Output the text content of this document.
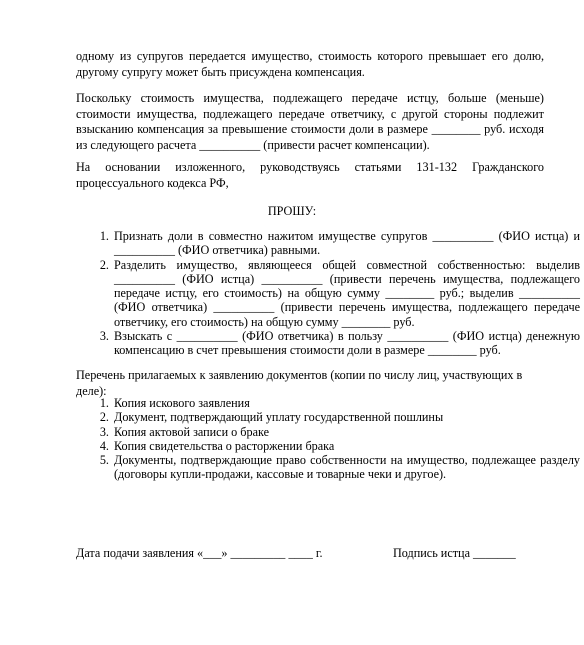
одному из супругов передается имущество, стоимость которого превышает его долю, другому супругу может быть присуждена компенсация.

Поскольку стоимость имущества, подлежащего передаче истцу, больше (меньше) стоимости имущества, подлежащего передаче ответчику, с другой стороны подлежит взысканию компенсация за превышение стоимости доли в размере ________ руб. исходя из следующего расчета __________ (привести расчет компенсации).

На основании изложенного, руководствуясь статьями 131-132 Гражданского процессуального кодекса РФ,

ПРОШУ:
1. Признать доли в совместно нажитом имуществе супругов __________ (ФИО истца) и __________ (ФИО ответчика) равными.
2. Разделить имущество, являющееся общей совместной собственностью: выделив __________ (ФИО истца) __________ (привести перечень имущества, подлежащего передаче истцу, его стоимость) на общую сумму ________ руб.; выделив __________ (ФИО ответчика) __________ (привести перечень имущества, подлежащего передаче ответчику, его стоимость) на общую сумму ________ руб.
3. Взыскать с __________ (ФИО ответчика) в пользу __________ (ФИО истца) денежную компенсацию в счет превышения стоимости доли в размере ________ руб.

Перечень прилагаемых к заявлению документов (копии по числу лиц, участвующих в деле):

1. Копия искового заявления
2. Документ, подтверждающий уплату государственной пошлины
3. Копия актовой записи о браке
4. Копия свидетельства о расторжении брака
5. Документы, подтверждающие право собственности на имущество, подлежащее разделу (договоры купли-продажи, кассовые и товарные чеки и другое).
Дата подачи заявления «___» _________ ____ г.	Подпись истца _______
